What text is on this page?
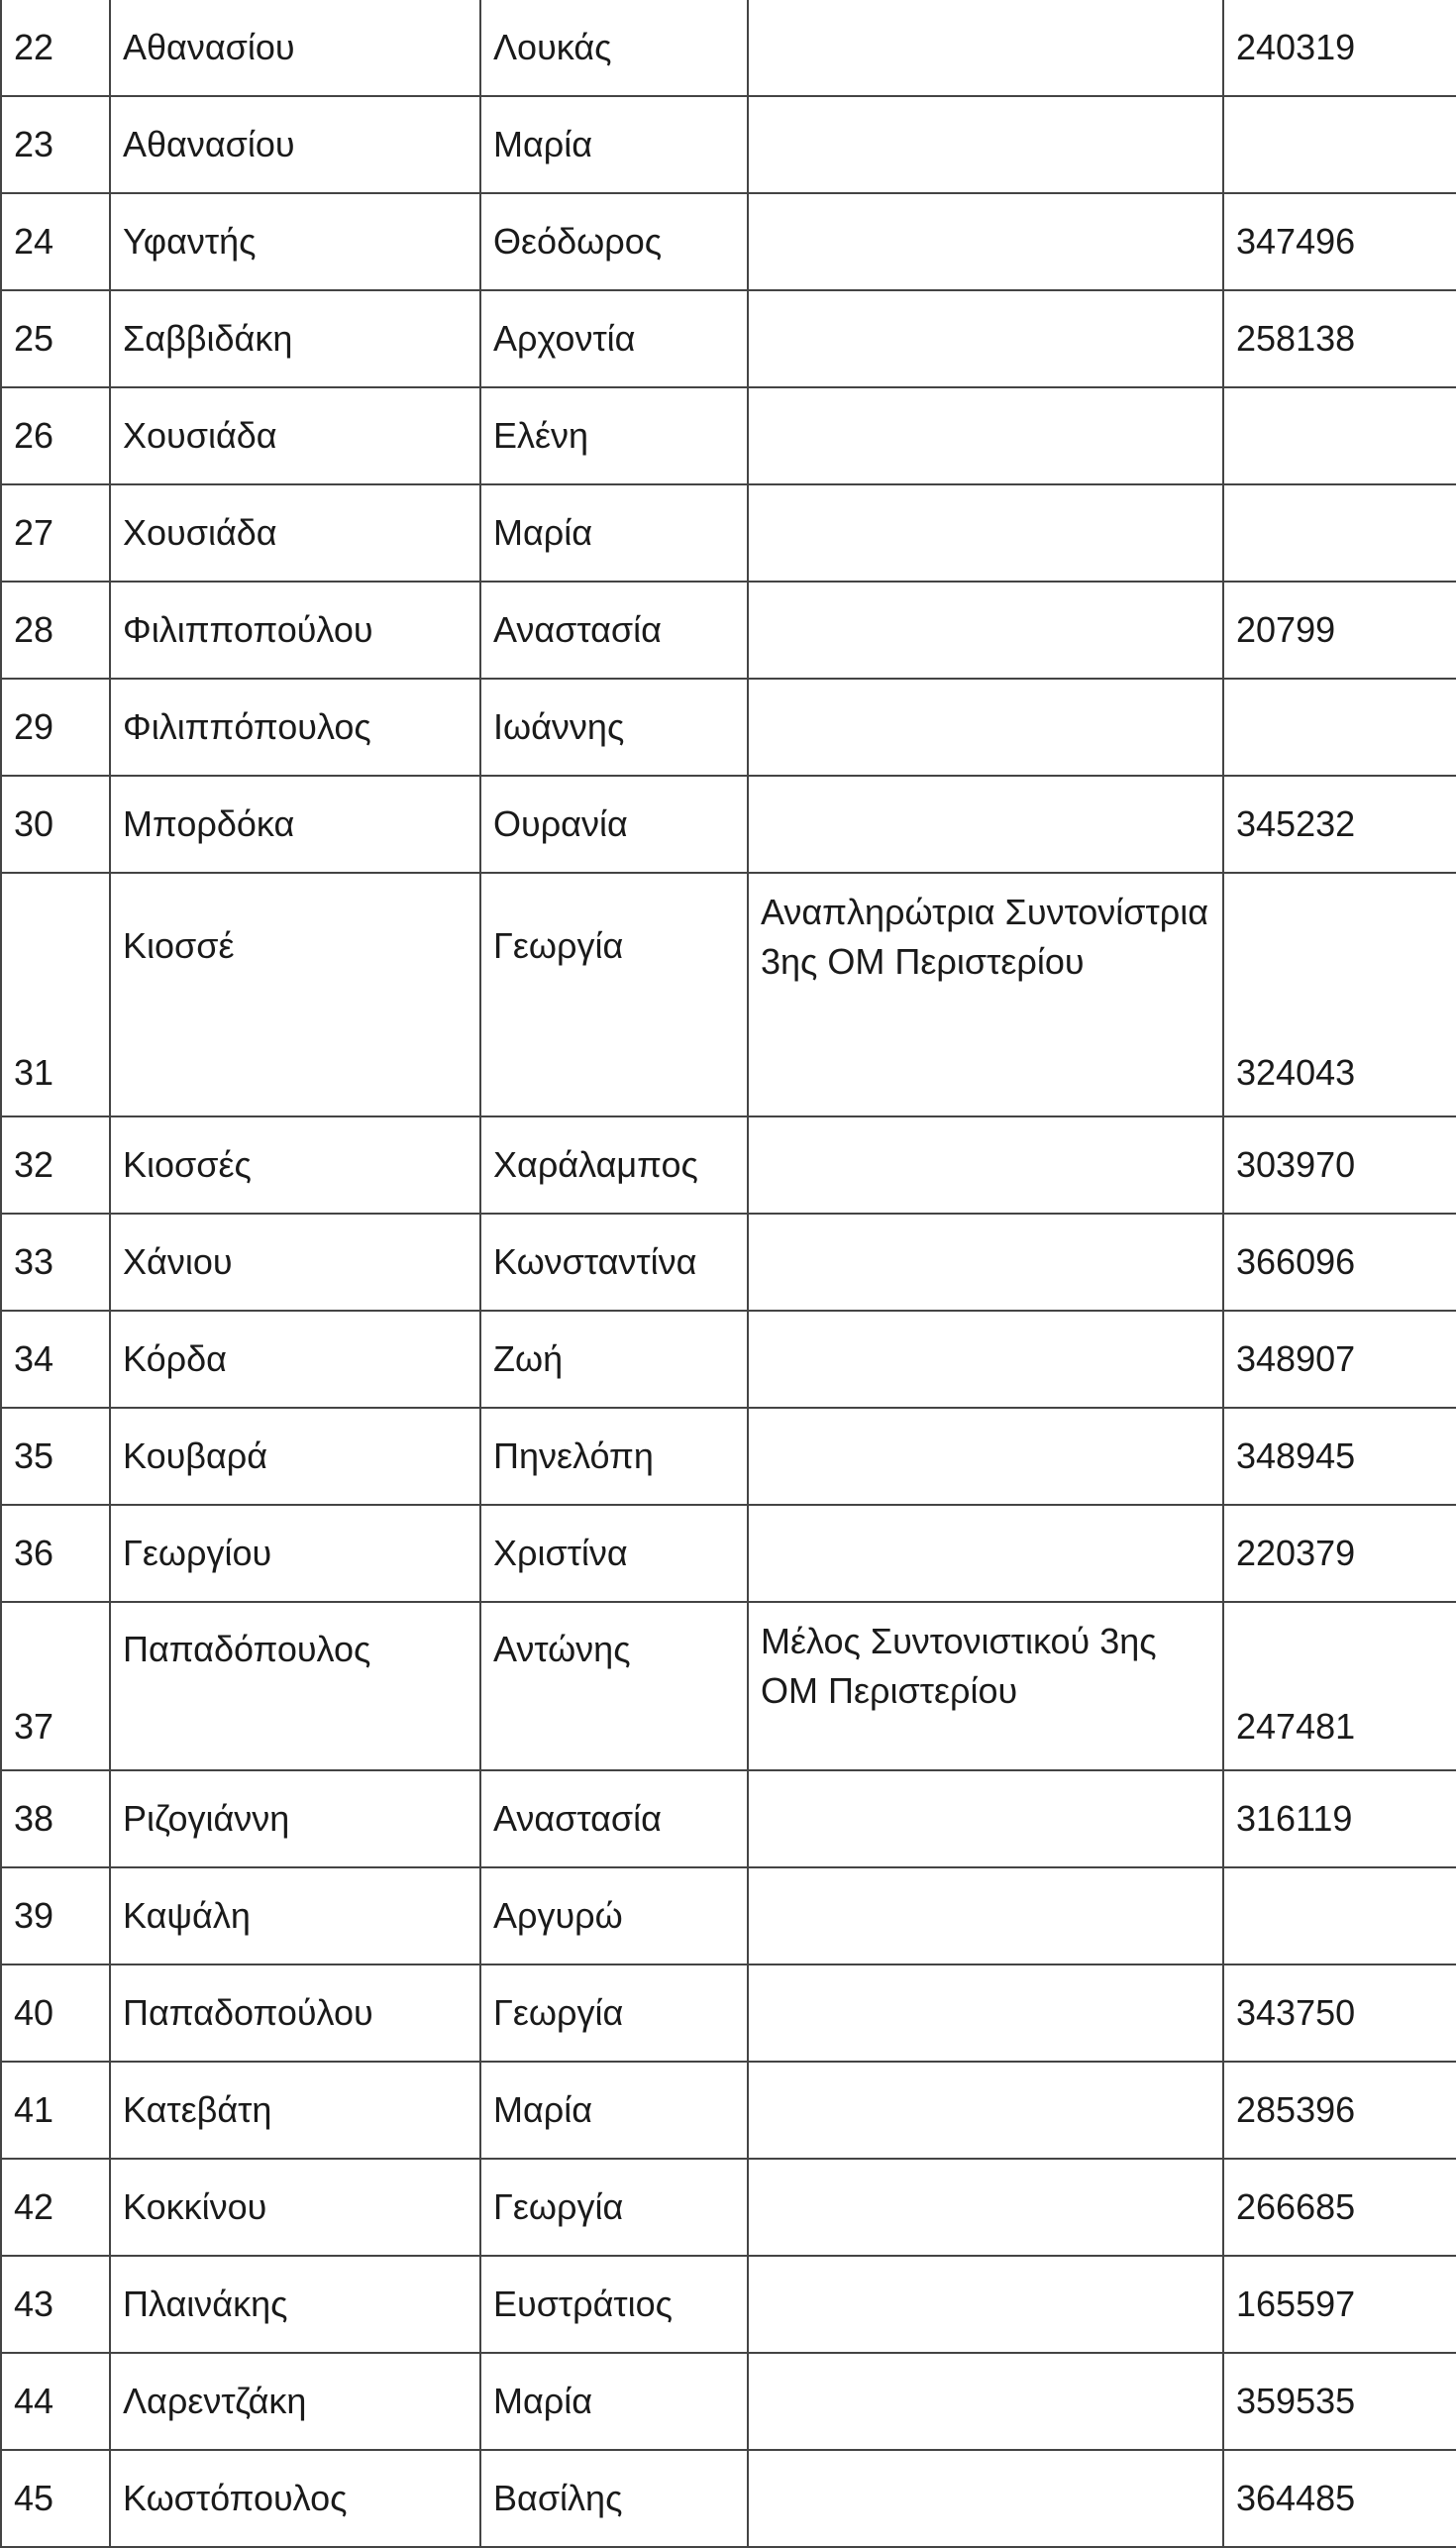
22	Αθανασίου	Λουκάς		240319
23	Αθανασίου	Μαρία		
24	Υφαντής	Θεόδωρος		347496
25	Σαββιδάκη	Αρχοντία		258138
26	Χουσιάδα	Ελένη		
27	Χουσιάδα	Μαρία		
28	Φιλιπποπούλου	Αναστασία		20799
29	Φιλιππόπουλος	Ιωάννης		
30	Μπορδόκα	Ουρανία		345232
31	Κιοσσέ	Γεωργία	Αναπληρώτρια Συντονίστρια 3ης ΟΜ Περιστερίου	324043
32	Κιοσσές	Χαράλαμπος		303970
33	Χάνιου	Κωνσταντίνα		366096
34	Κόρδα	Ζωή		348907
35	Κουβαρά	Πηνελόπη		348945
36	Γεωργίου	Χριστίνα		220379
37	Παπαδόπουλος	Αντώνης	Μέλος Συντονιστικού 3ης ΟΜ Περιστερίου	247481
38	Ριζογιάννη	Αναστασία		316119
39	Καψάλη	Αργυρώ		
40	Παπαδοπούλου	Γεωργία		343750
41	Κατεβάτη	Μαρία		285396
42	Κοκκίνου	Γεωργία		266685
43	Πλαινάκης	Ευστράτιος		165597
44	Λαρεντζάκη	Μαρία		359535
45	Κωστόπουλος	Βασίλης		364485
